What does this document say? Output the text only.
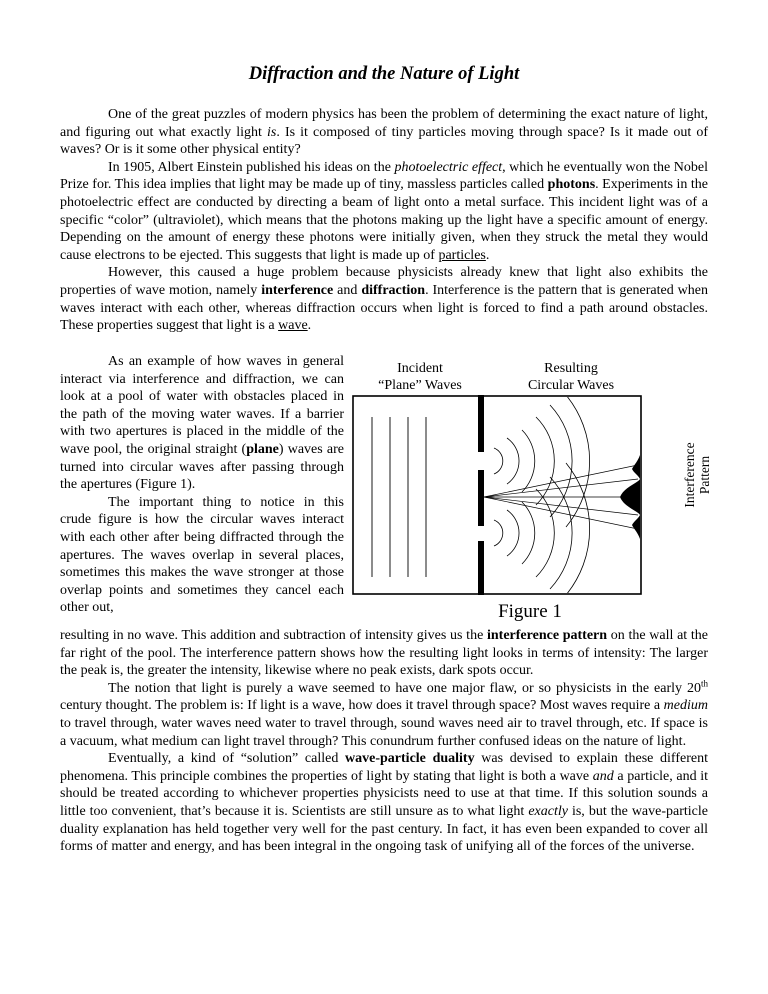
Diffraction and the Nature of Light

One of the great puzzles of modern physics has been the problem of determining the exact nature of light, and figuring out what exactly light is. Is it composed of tiny particles moving through space? Is it made out of waves? Or is it some other physical entity?

In 1905, Albert Einstein published his ideas on the photoelectric effect, which he eventually won the Nobel Prize for. This idea implies that light may be made up of tiny, massless particles called photons. Experiments in the photoelectric effect are conducted by directing a beam of light onto a metal surface. This incident light was of a specific “color” (ultraviolet), which means that the photons making up the light have a specific amount of energy. Depending on the amount of energy these photons were initially given, when they struck the metal they would cause electrons to be ejected. This suggests that light is made up of particles.

However, this caused a huge problem because physicists already knew that light also exhibits the properties of wave motion, namely interference and diffraction. Interference is the pattern that is generated when waves interact with each other, whereas diffraction occurs when light is forced to find a path around obstacles. These properties suggest that light is a wave.

As an example of how waves in general interact via interference and diffraction, we can look at a pool of water with obstacles placed in the path of the moving water waves. If a barrier with two apertures is placed in the middle of the wave pool, the original straight (plane) waves are turned into circular waves after passing through the apertures (Figure 1).

The important thing to notice in this crude figure is how the circular waves interact with each other after being diffracted through the apertures. The waves overlap in several places, sometimes this makes the wave stronger at those overlap points and sometimes they cancel each other out,

Incident
“Plane” Waves
Resulting
Circular Waves
Interference Pattern
Figure 1

resulting in no wave. This addition and subtraction of intensity gives us the interference pattern on the wall at the far right of the pool. The interference pattern shows how the resulting light looks in terms of intensity: The larger the peak is, the greater the intensity, likewise where no peak exists, dark spots occur.

The notion that light is purely a wave seemed to have one major flaw, or so physicists in the early 20th century thought. The problem is: If light is a wave, how does it travel through space? Most waves require a medium to travel through, water waves need water to travel through, sound waves need air to travel through, etc. If space is a vacuum, what medium can light travel through? This conundrum further confused ideas on the nature of light.

Eventually, a kind of “solution” called wave-particle duality was devised to explain these different phenomena. This principle combines the properties of light by stating that light is both a wave and a particle, and it should be treated according to whichever properties physicists need to use at that time. If this solution sounds a little too convenient, that’s because it is. Scientists are still unsure as to what light exactly is, but the wave-particle duality explanation has held together very well for the past century. In fact, it has even been expanded to cover all forms of matter and energy, and has been integral in the ongoing task of unifying all of the forces of the universe.
